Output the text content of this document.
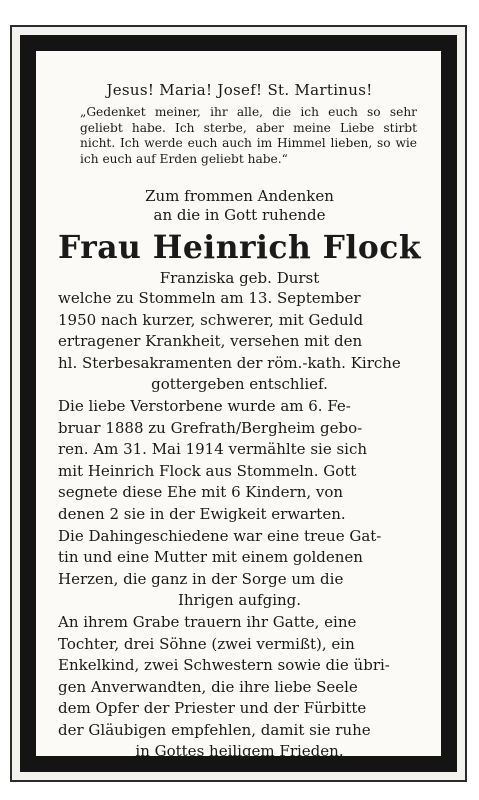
Jesus! Maria! Josef! St. Martinus!
„Gedenket meiner, ihr alle, die ich euch so sehr geliebt habe. Ich sterbe, aber meine Liebe stirbt nicht. Ich werde euch auch im Himmel lieben, so wie ich euch auf Erden geliebt habe.“
Zum frommen Andenken
an die in Gott ruhende
Frau Heinrich Flock
Franziska geb. Durst
welche zu Stommeln am 13. September
1950 nach kurzer, schwerer, mit Geduld
ertragener Krankheit, versehen mit den
hl. Sterbesakramenten der röm.-kath. Kirche
gottergeben entschlief.
Die liebe Verstorbene wurde am 6. Fe-
bruar 1888 zu Grefrath/Bergheim gebo-
ren. Am 31. Mai 1914 vermählte sie sich
mit Heinrich Flock aus Stommeln. Gott
segnete diese Ehe mit 6 Kindern, von
denen 2 sie in der Ewigkeit erwarten.
Die Dahingeschiedene war eine treue Gat-
tin und eine Mutter mit einem goldenen
Herzen, die ganz in der Sorge um die
Ihrigen aufging.
An ihrem Grabe trauern ihr Gatte, eine
Tochter, drei Söhne (zwei vermißt), ein
Enkelkind, zwei Schwestern sowie die übri-
gen Anverwandten, die ihre liebe Seele
dem Opfer der Priester und der Fürbitte
der Gläubigen empfehlen, damit sie ruhe
in Gottes heiligem Frieden.
